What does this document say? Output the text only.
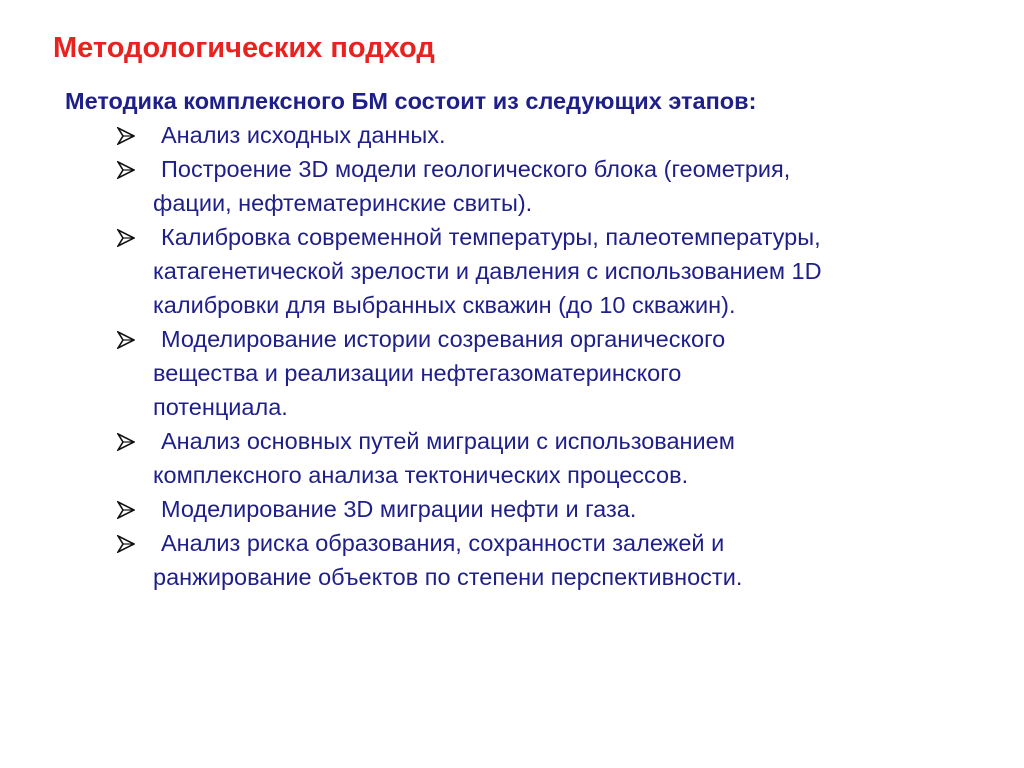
Методологических подход

Методика комплексного БМ состоит из следующих этапов:

Анализ исходных данных.
Построение 3D модели геологического блока (геометрия,
фации, нефтематеринские свиты).
Калибровка современной температуры, палеотемпературы,
катагенетической зрелости и давления с использованием 1D
калибровки для выбранных скважин (до 10 скважин).
Моделирование истории созревания органического
вещества и реализации нефтегазоматеринского
потенциала.
Анализ основных путей миграции с использованием
комплексного анализа тектонических процессов.
Моделирование 3D миграции нефти и газа.
Анализ риска образования, сохранности залежей и
ранжирование объектов по степени перспективности.
